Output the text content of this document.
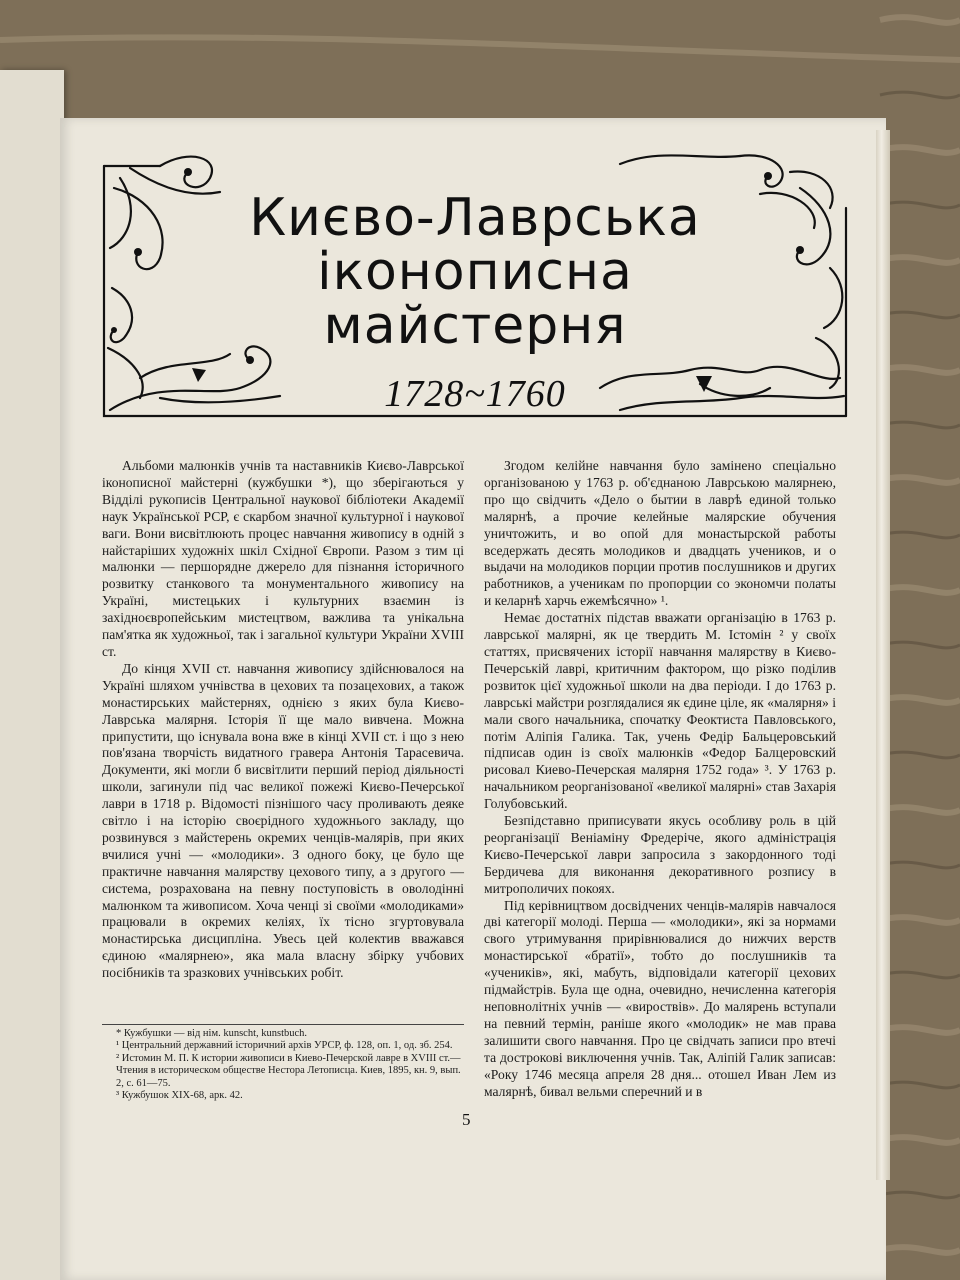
Києво-Лаврська
іконописна
майстерня
1728~1760

Альбоми малюнків учнів та наставників Києво-Лаврської іконописної майстерні (кужбушки *), що зберігаються у Відділі рукописів Центральної наукової бібліотеки Академії наук Української РСР, є скарбом значної культурної і наукової ваги. Вони висвітлюють процес навчання живопису в одній з найстаріших художніх шкіл Східної Європи. Разом з тим ці малюнки — першорядне джерело для пізнання історичного розвитку станкового та монументального живопису на Україні, мистецьких і культурних взаємин із західноєвропейським мистецтвом, важлива та унікальна пам'ятка як художньої, так і загальної культури України XVIII ст.

До кінця XVII ст. навчання живопису здійснювалося на Україні шляхом учнівства в цехових та позацехових, а також монастирських майстернях, однією з яких була Києво-Лаврська малярня. Історія її ще мало вивчена. Можна припустити, що існувала вона вже в кінці XVII ст. і що з нею пов'язана творчість видатного гравера Антонія Тарасевича. Документи, які могли б висвітлити перший період діяльності школи, загинули під час великої пожежі Києво-Печерської лаври в 1718 р. Відомості пізнішого часу проливають деяке світло і на історію своєрідного художнього закладу, що розвинувся з майстерень окремих ченців-малярів, при яких вчилися учні — «молодики». З одного боку, це було ще практичне навчання малярству цехового типу, а з другого — система, розрахована на певну поступовість в оволодінні малюнком та живописом. Хоча ченці зі своїми «молодиками» працювали в окремих келіях, їх тісно згуртовувала монастирська дисципліна. Увесь цей колектив вважався єдиною «малярнею», яка мала власну збірку учбових посібників та зразкових учнівських робіт.

Згодом келійне навчання було замінено спеціально організованою у 1763 р. об'єднаною Лаврською малярнею, про що свідчить «Дело о бытии в лаврѣ единой только малярнѣ, а прочие келейные малярские обучения уничтожить, и во опой для монастырской работы вседержать десять молодиков и двадцать учеников, и о выдачи на молодиков порции против послушников и других работников, а ученикам по пропорции со экономчи полаты и келарнѣ харчь ежемѣсячно» ¹.

Немає достатніх підстав вважати організацію в 1763 р. лаврської малярні, як це твердить М. Істомін ² у своїх статтях, присвячених історії навчання малярству в Києво-Печерській лаврі, критичним фактором, що різко поділив розвиток цієї художньої школи на два періоди. І до 1763 р. лаврські майстри розглядалися як єдине ціле, як «малярня» і мали свого начальника, спочатку Феоктиста Павловського, потім Аліпія Галика. Так, учень Федір Бальцеровський підписав один із своїх малюнків «Федор Балцеровский рисовал Киево-Печерская малярня 1752 года» ³. У 1763 р. начальником реорганізованої «великої малярні» став Захарія Голубовський.

Безпідставно приписувати якусь особливу роль в цій реорганізації Веніаміну Фредеріче, якого адміністрація Києво-Печерської лаври запросила з закордонного тоді Бердичева для виконання декоративного розпису в митрополичих покоях.

Під керівництвом досвідчених ченців-малярів навчалося дві категорії молоді. Перша — «молодики», які за нормами свого утримування прирівнювалися до нижчих верств монастирської «братії», тобто до послушників та «учеників», які, мабуть, відповідали категорії цехових підмайстрів. Була ще одна, очевидно, нечисленна категорія неповнолітніх учнів — «вироствів». До малярень вступали на певний термін, раніше якого «молодик» не мав права залишити свого навчання. Про це свідчать записи про втечі та дострокові виключення учнів. Так, Аліпій Галик записав: «Року 1746 месяца апреля 28 дня... отошел Иван Лем из малярнѣ, бивал вельми сперечний и в

* Кужбушки — від нім. kunscht, kunstbuch.

¹ Центральний державний історичний архів УРСР, ф. 128, оп. 1, од. зб. 254.

² Истомин М. П. К истории живописи в Киево-Печерской лавре в XVIII ст.— Чтения в историческом обществе Нестора Летописца. Киев, 1895, кн. 9, вып. 2, с. 61—75.

³ Кужбушок XIX-68, арк. 42.

5
